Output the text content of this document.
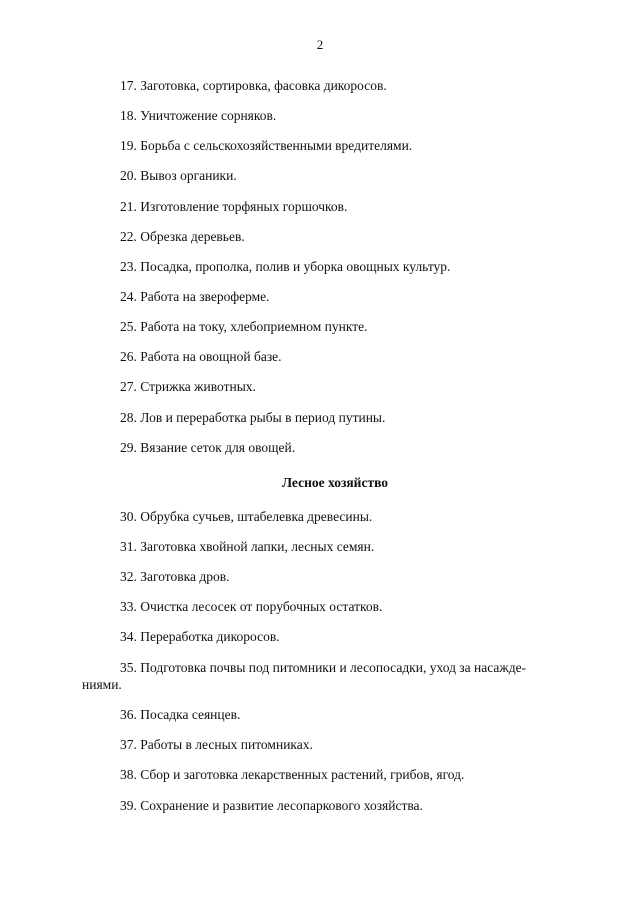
2
17. Заготовка, сортировка, фасовка дикоросов.
18. Уничтожение сорняков.
19. Борьба с сельскохозяйственными вредителями.
20. Вывоз органики.
21. Изготовление торфяных горшочков.
22. Обрезка деревьев.
23. Посадка, прополка, полив и уборка овощных культур.
24. Работа на звероферме.
25. Работа на току, хлебоприемном пункте.
26. Работа на овощной базе.
27. Стрижка животных.
28. Лов и переработка рыбы в период путины.
29. Вязание сеток для овощей.
Лесное хозяйство
30. Обрубка сучьев, штабелевка древесины.
31. Заготовка хвойной лапки, лесных семян.
32. Заготовка дров.
33. Очистка лесосек от порубочных остатков.
34. Переработка дикоросов.
35. Подготовка почвы под питомники и лесопосадки, уход за насажде-
ниями.
36. Посадка сеянцев.
37. Работы в лесных питомниках.
38. Сбор и заготовка лекарственных растений, грибов, ягод.
39. Сохранение и развитие лесопаркового хозяйства.
